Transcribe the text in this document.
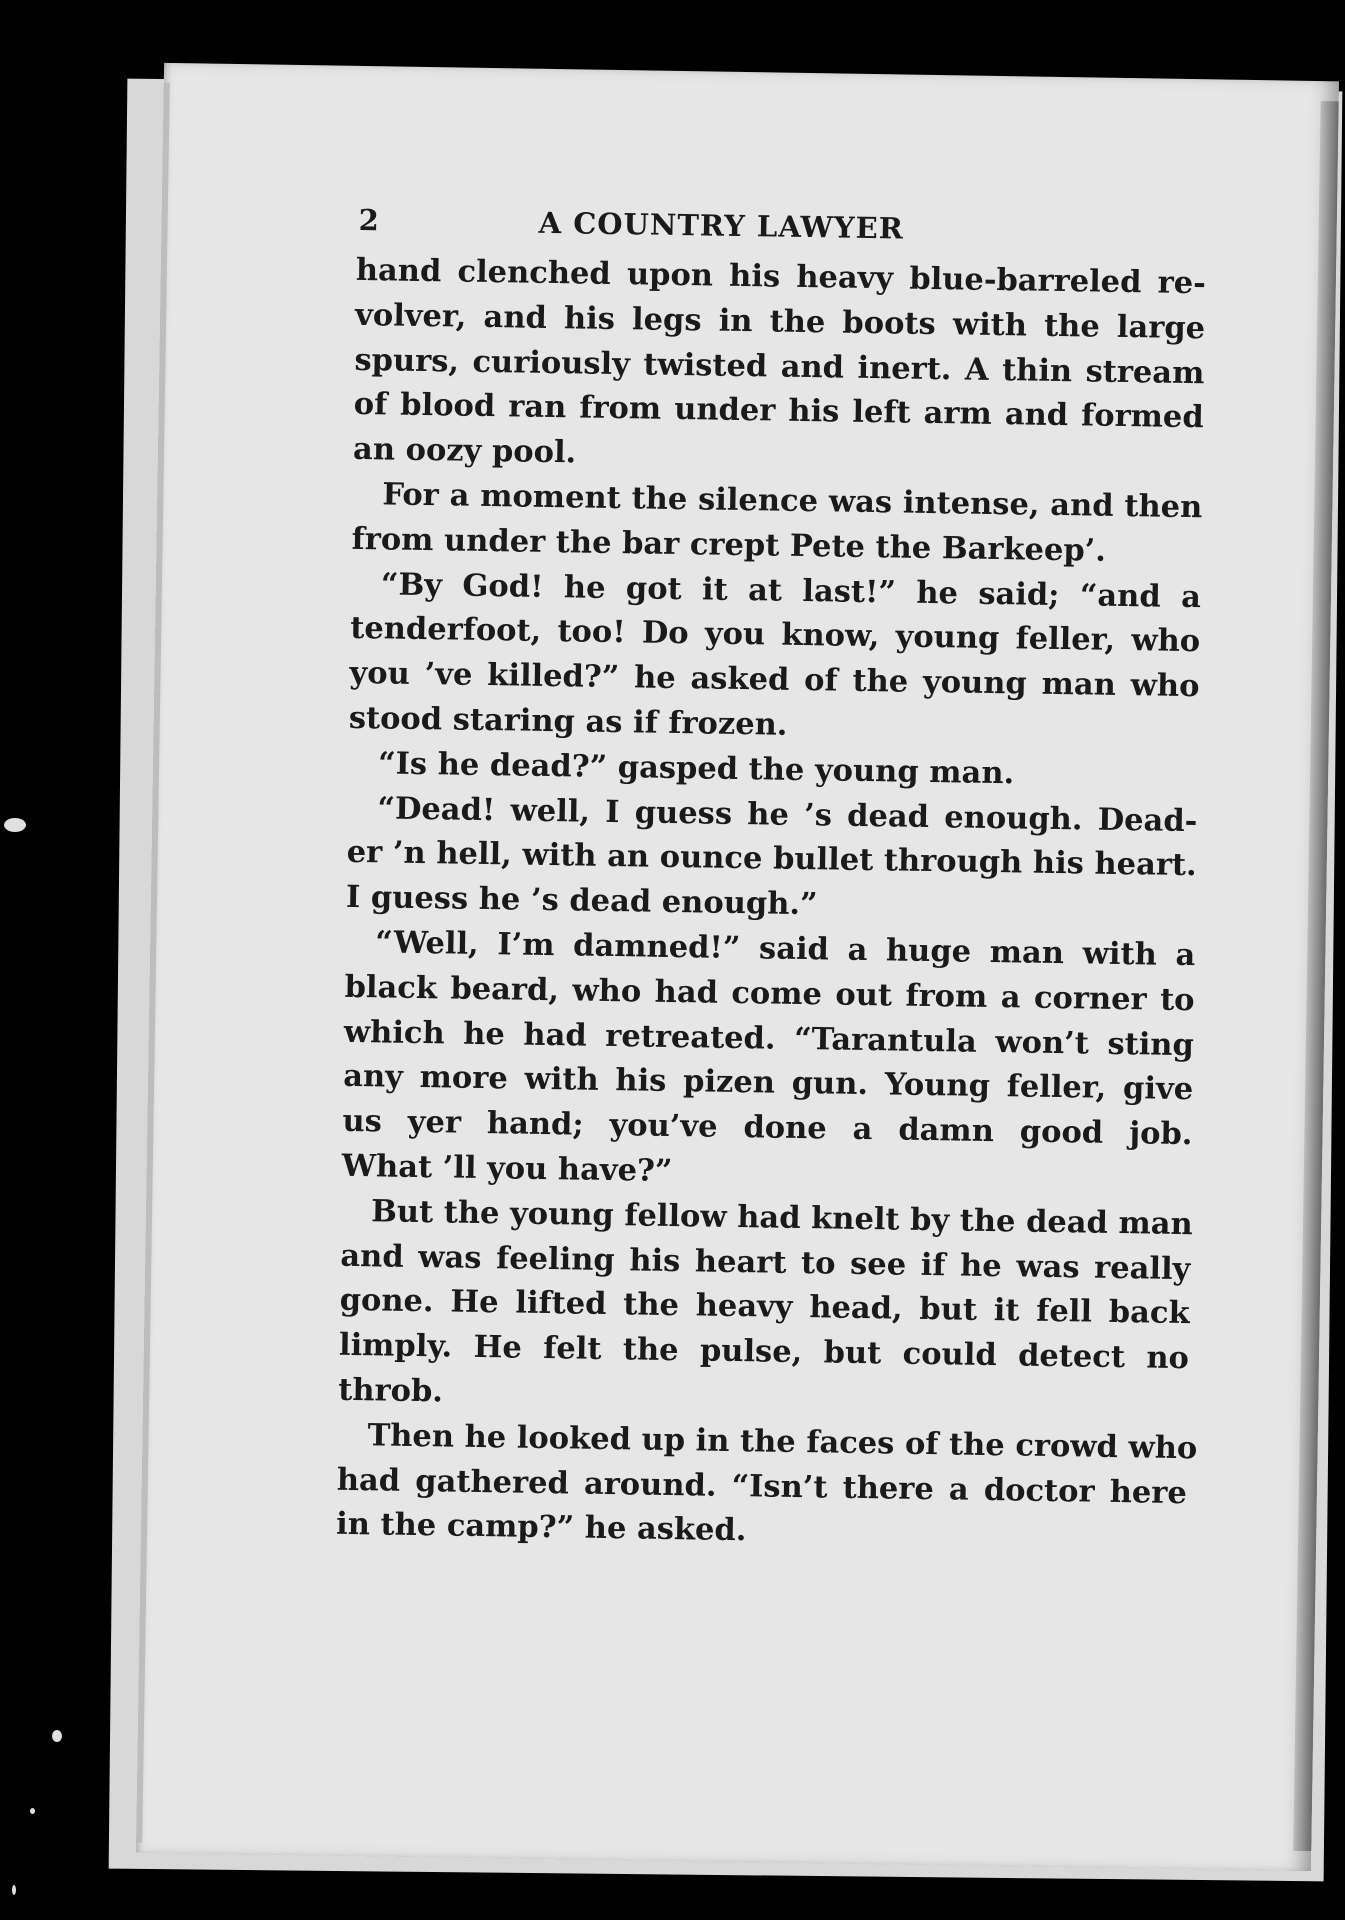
2	A COUNTRY LAWYER
hand clenched upon his heavy blue-barreled re-
volver, and his legs in the boots with the large
spurs, curiously twisted and inert. A thin stream
of blood ran from under his left arm and formed
an oozy pool.
For a moment the silence was intense, and then
from under the bar crept Pete the Barkeep’.
“By God! he got it at last!” he said; “and a
tenderfoot, too! Do you know, young feller, who
you ’ve killed?” he asked of the young man who
stood staring as if frozen.
“Is he dead?” gasped the young man.
“Dead! well, I guess he ’s dead enough. Dead-
er ’n hell, with an ounce bullet through his heart.
I guess he ’s dead enough.”
“Well, I’m damned!” said a huge man with a
black beard, who had come out from a corner to
which he had retreated. “Tarantula won’t sting
any more with his pizen gun. Young feller, give
us yer hand; you’ve done a damn good job.
What ’ll you have?”
But the young fellow had knelt by the dead man
and was feeling his heart to see if he was really
gone. He lifted the heavy head, but it fell back
limply. He felt the pulse, but could detect no
throb.
Then he looked up in the faces of the crowd who
had gathered around. “Isn’t there a doctor here
in the camp?” he asked.
